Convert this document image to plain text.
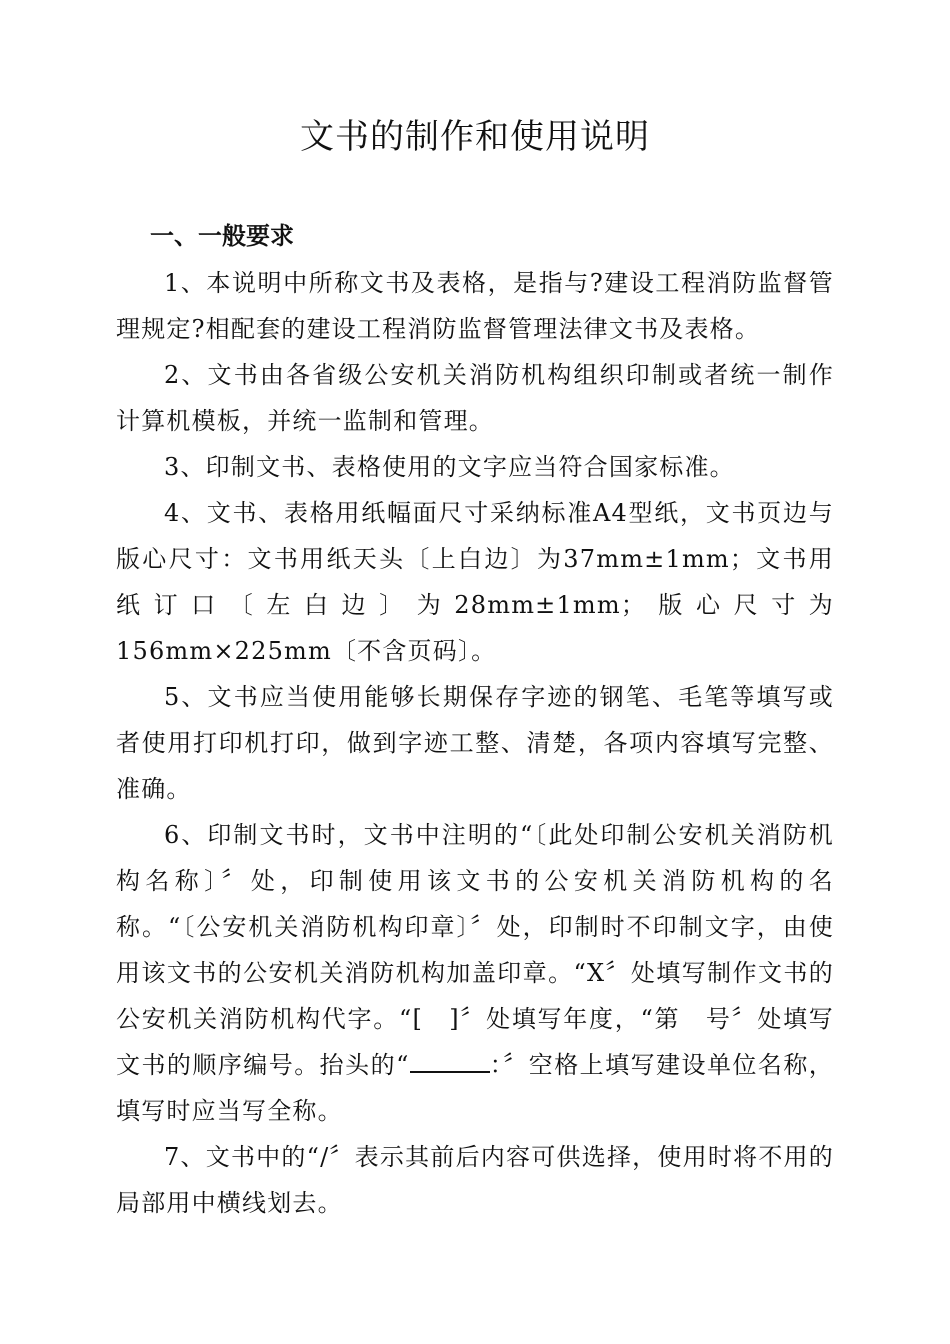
文书的制作和使用说明
一、一般要求

1、本说明中所称文书及表格，是指与?建设工程消防监督管理规定?相配套的建设工程消防监督管理法律文书及表格。

2、文书由各省级公安机关消防机构组织印制或者统一制作计算机模板，并统一监制和管理。

3、印制文书、表格使用的文字应当符合国家标准。

4、文书、表格用纸幅面尺寸采纳标准A4型纸，文书页边与版心尺寸：文书用纸天头〔上白边〕为37mm±1mm；文书用纸订口〔左白边〕为28mm±1mm；版心尺寸为156mm×225mm〔不含页码〕。

5、文书应当使用能够长期保存字迹的钢笔、毛笔等填写或者使用打印机打印，做到字迹工整、清楚，各项内容填写完整、准确。

6、印制文书时，文书中注明的“〔此处印制公安机关消防机构名称〕〞处，印制使用该文书的公安机关消防机构的名称。“〔公安机关消防机构印章〕〞处，印制时不印制文字，由使用该文书的公安机关消防机构加盖印章。“X〞处填写制作文书的公安机关消防机构代字。“[　]〞处填写年度，“第　号〞处填写文书的顺序编号。抬头的“	：〞空格上填写建设单位名称，填写时应当写全称。

7、文书中的“/〞表示其前后内容可供选择，使用时将不用的局部用中横线划去。
